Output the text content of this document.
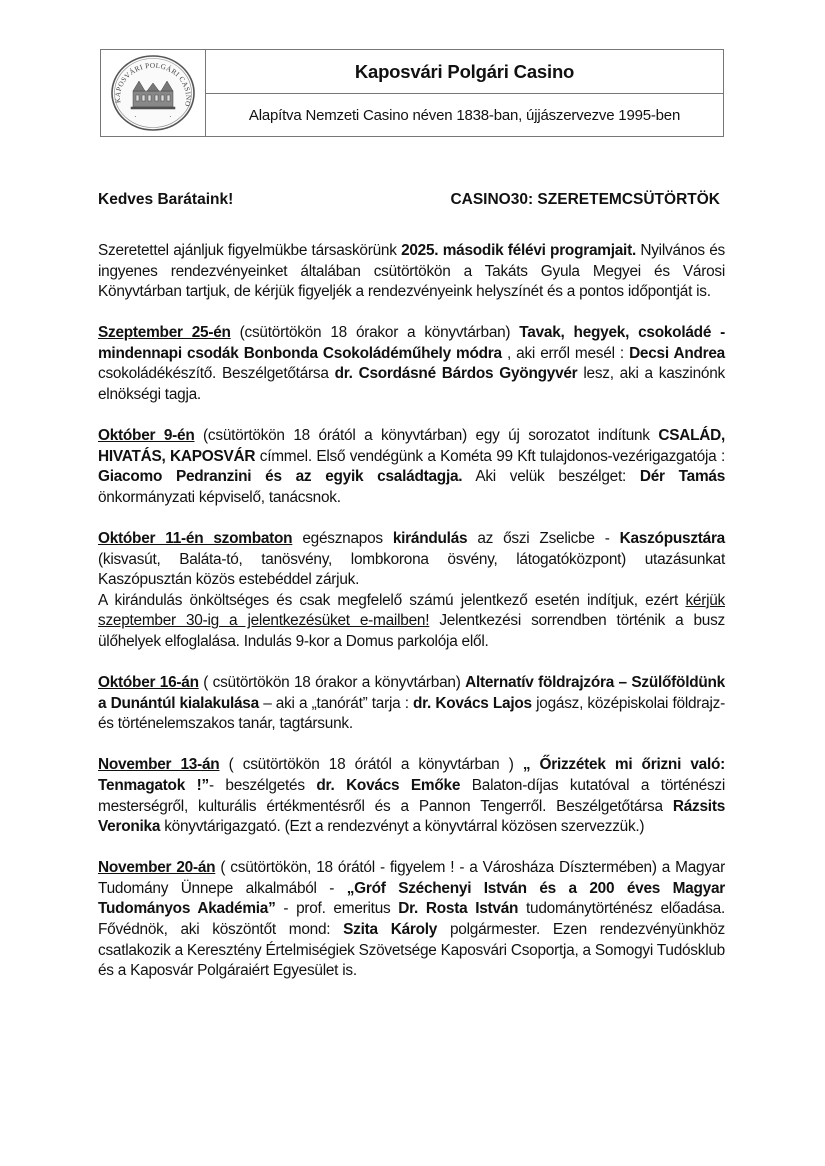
KAPOSVÁRI POLGÁRI CASINO
·	·
Kaposvári Polgári Casino
Alapítva Nemzeti Casino néven 1838-ban, újjászervezve 1995-ben
Kedves Barátaink!	CASINO30: SZERETEMCSÜTÖRTÖK

Szeretettel ajánljuk figyelmükbe társaskörünk 2025. második félévi programjait. Nyilvános és ingyenes rendezvényeinket általában csütörtökön a Takáts Gyula Megyei és Városi Könyvtárban tartjuk, de kérjük figyeljék a rendezvényeink helyszínét és a pontos időpontját is.

Szeptember 25-én (csütörtökön 18 órakor a könyvtárban) Tavak, hegyek, csokoládé - mindennapi csodák Bonbonda Csokoládéműhely módra , aki erről mesél : Decsi Andrea csokoládékészítő. Beszélgetőtársa dr. Csordásné Bárdos Gyöngyvér lesz, aki a kaszinónk elnökségi tagja.

Október 9-én (csütörtökön 18 órától a könyvtárban) egy új sorozatot indítunk CSALÁD, HIVATÁS, KAPOSVÁR címmel. Első vendégünk a Kométa 99 Kft tulajdonos-vezérigazgatója : Giacomo Pedranzini és az egyik családtagja. Aki velük beszélget: Dér Tamás önkormányzati képviselő, tanácsnok.

Október 11-én szombaton egésznapos kirándulás az őszi Zselicbe - Kaszópusztára (kisvasút, Baláta-tó, tanösvény, lombkorona ösvény, látogatóközpont) utazásunkat Kaszópusztán közös estebéddel zárjuk.
A kirándulás önköltséges és csak megfelelő számú jelentkező esetén indítjuk, ezért kérjük szeptember 30-ig a jelentkezésüket e-mailben! Jelentkezési sorrendben történik a busz ülőhelyek elfoglalása. Indulás 9-kor a Domus parkolója elől.

Október 16-án ( csütörtökön 18 órakor a könyvtárban) Alternatív földrajzóra – Szülőföldünk a Dunántúl kialakulása – aki a „tanórát” tarja : dr. Kovács Lajos jogász, középiskolai földrajz- és történelemszakos tanár, tagtársunk.

November 13-án ( csütörtökön 18 órától a könyvtárban ) „ Őrizzétek mi őrizni való: Tenmagatok !”- beszélgetés dr. Kovács Emőke Balaton-díjas kutatóval a történészi mesterségről, kulturális értékmentésről és a Pannon Tengerről. Beszélgetőtársa Rázsits Veronika könyvtárigazgató. (Ezt a rendezvényt a könyvtárral közösen szervezzük.)

November 20-án ( csütörtökön, 18 órától - figyelem ! - a Városháza Dísztermében) a Magyar Tudomány Ünnepe alkalmából - „Gróf Széchenyi István és a 200 éves Magyar Tudományos Akadémia” - prof. emeritus Dr. Rosta István tudománytörténész előadása. Fővédnök, aki köszöntőt mond: Szita Károly polgármester. Ezen rendezvényünkhöz csatlakozik a Keresztény Értelmiségiek Szövetsége Kaposvári Csoportja, a Somogyi Tudósklub és a Kaposvár Polgáraiért Egyesület is.
